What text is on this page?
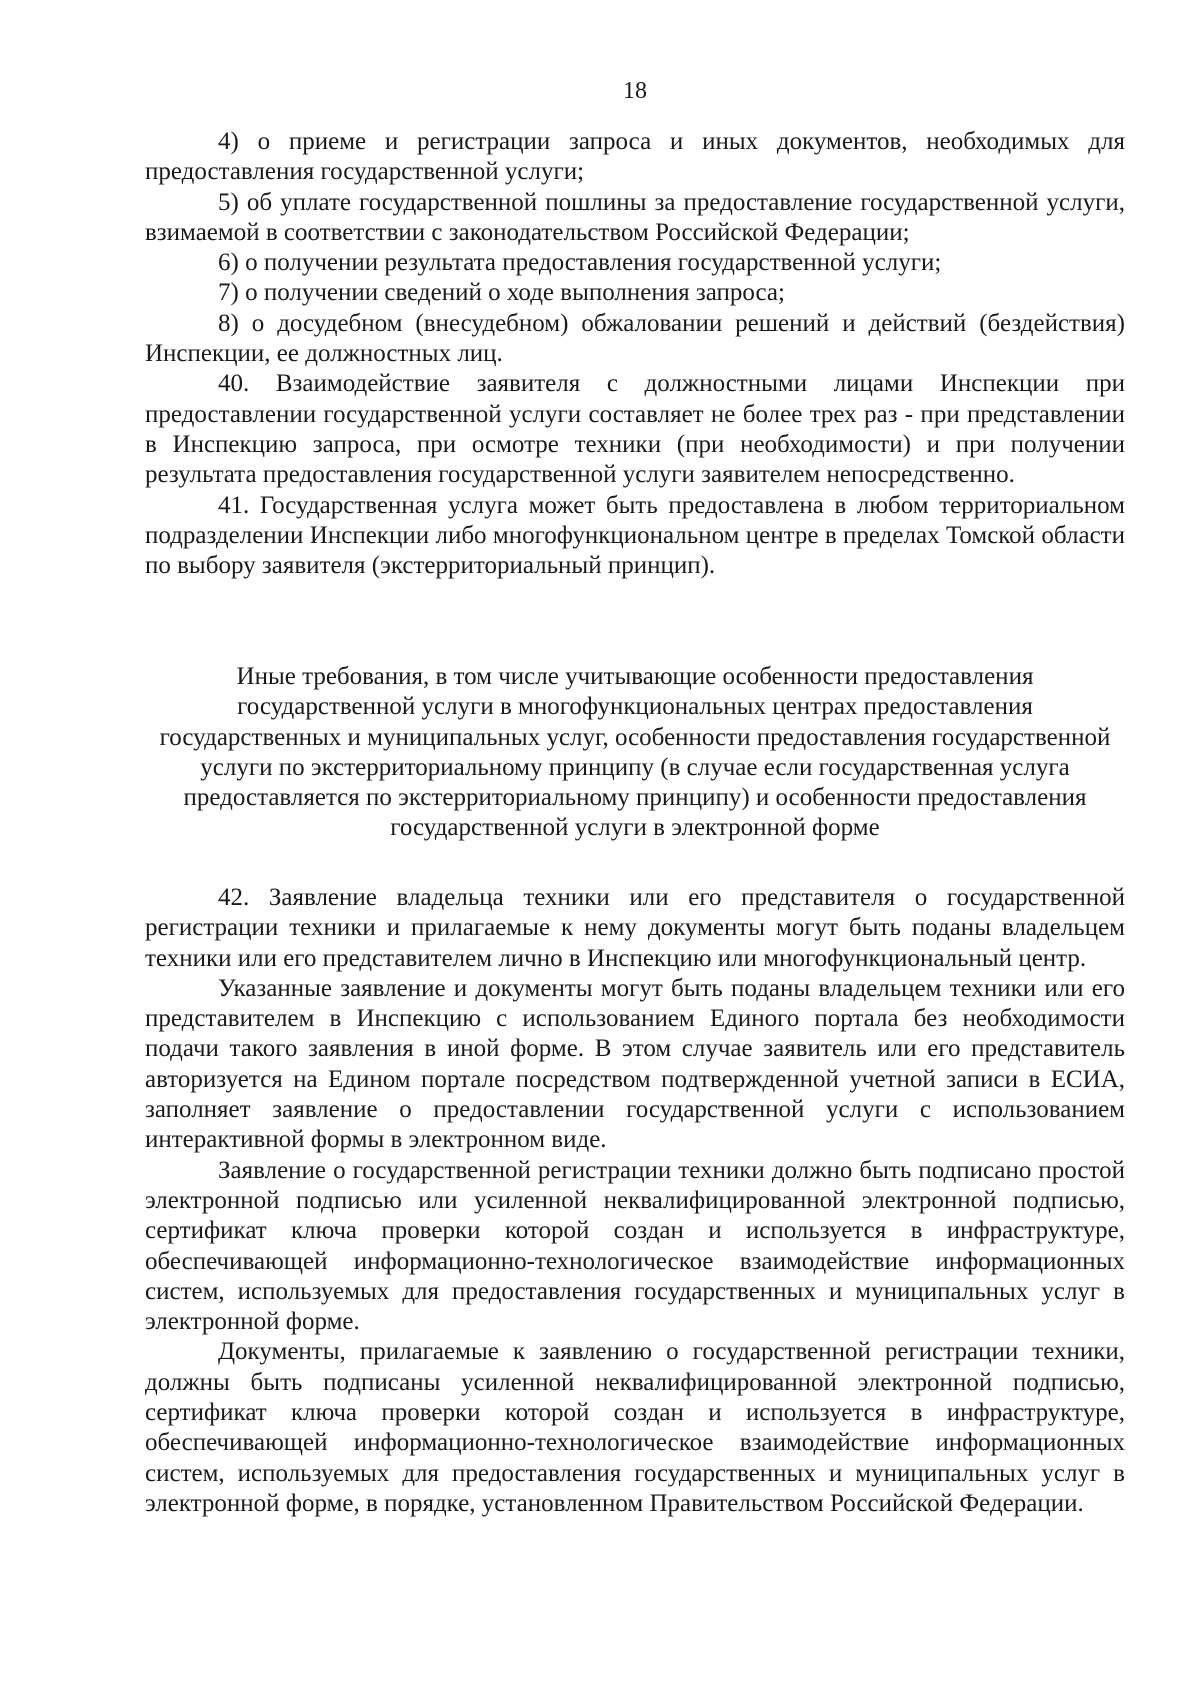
18

4) о приеме и регистрации запроса и иных документов, необходимых для предоставления государственной услуги;

5) об уплате государственной пошлины за предоставление государственной услуги, взимаемой в соответствии с законодательством Российской Федерации;

6) о получении результата предоставления государственной услуги;

7) о получении сведений о ходе выполнения запроса;

8) о досудебном (внесудебном) обжаловании решений и действий (бездействия) Инспекции, ее должностных лиц.

40. Взаимодействие заявителя с должностными лицами Инспекции при предоставлении государственной услуги составляет не более трех раз - при представлении в Инспекцию запроса, при осмотре техники (при необходимости) и при получении результата предоставления государственной услуги заявителем непосредственно.

41. Государственная услуга может быть предоставлена в любом территориальном подразделении Инспекции либо многофункциональном центре в пределах Томской области по выбору заявителя (экстерриториальный принцип).

Иные требования, в том числе учитывающие особенности предоставления государственной услуги в многофункциональных центрах предоставления государственных и муниципальных услуг, особенности предоставления государственной услуги по экстерриториальному принципу (в случае если государственная услуга предоставляется по экстерриториальному принципу) и особенности предоставления государственной услуги в электронной форме

42. Заявление владельца техники или его представителя о государственной регистрации техники и прилагаемые к нему документы могут быть поданы владельцем техники или его представителем лично в Инспекцию или многофункциональный центр.

Указанные заявление и документы могут быть поданы владельцем техники или его представителем в Инспекцию с использованием Единого портала без необходимости подачи такого заявления в иной форме. В этом случае заявитель или его представитель авторизуется на Едином портале посредством подтвержденной учетной записи в ЕСИА, заполняет заявление о предоставлении государственной услуги с использованием интерактивной формы в электронном виде.

Заявление о государственной регистрации техники должно быть подписано простой электронной подписью или усиленной неквалифицированной электронной подписью, сертификат ключа проверки которой создан и используется в инфраструктуре, обеспечивающей информационно-технологическое взаимодействие информационных систем, используемых для предоставления государственных и муниципальных услуг в электронной форме.

Документы, прилагаемые к заявлению о государственной регистрации техники, должны быть подписаны усиленной неквалифицированной электронной подписью, сертификат ключа проверки которой создан и используется в инфраструктуре, обеспечивающей информационно-технологическое взаимодействие информационных систем, используемых для предоставления государственных и муниципальных услуг в электронной форме, в порядке, установленном Правительством Российской Федерации.
